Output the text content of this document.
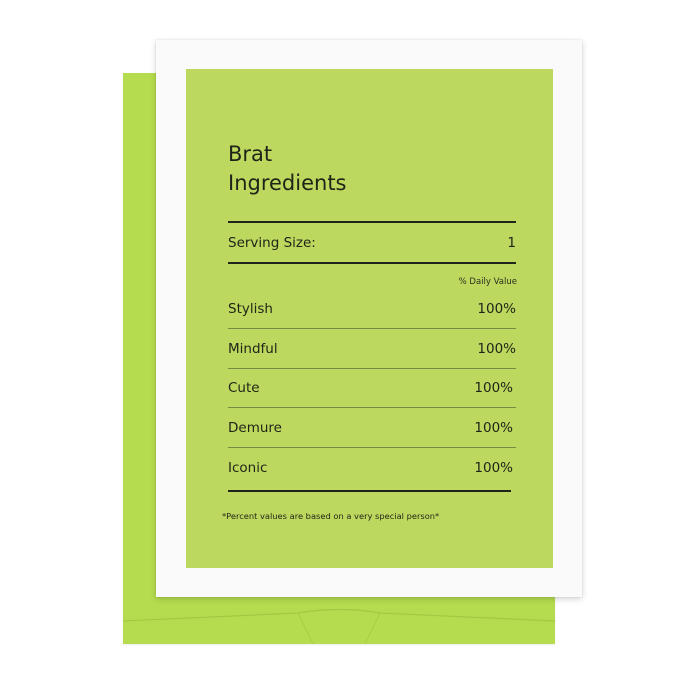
Brat
Ingredients
Serving Size:	1
% Daily Value
Stylish	100%
Mindful	100%
Cute	100%
Demure	100%
Iconic	100%
*Percent values are based on a very special person*
